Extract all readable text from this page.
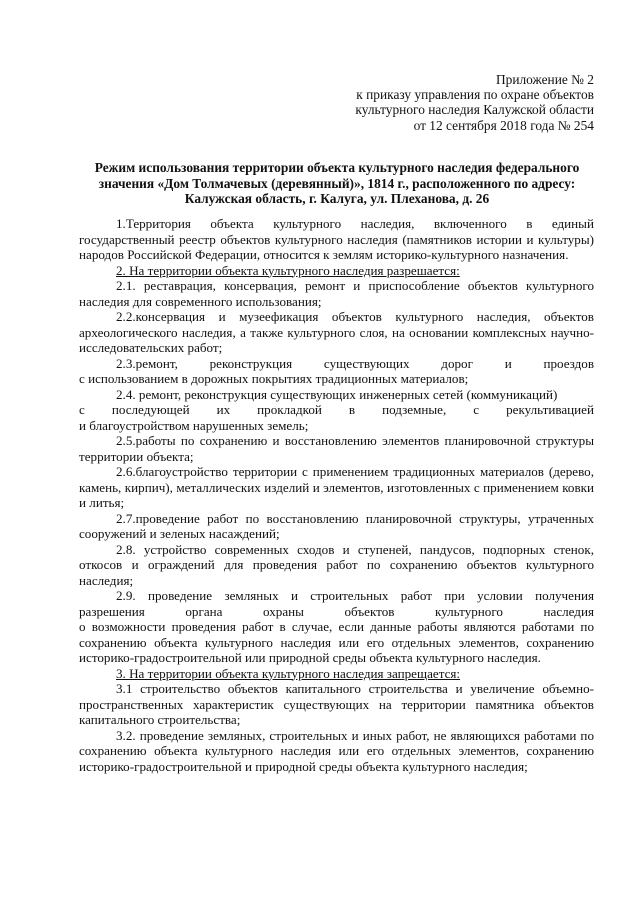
Приложение № 2
к приказу управления по охране объектов
культурного наследия Калужской области
от 12 сентября 2018 года № 254
Режим использования территории объекта культурного наследия федерального
значения «Дом Толмачевых (деревянный)», 1814 г., расположенного по адресу:
Калужская область, г. Калуга, ул. Плеханова, д. 26

1.Территория объекта культурного наследия, включенного в единый государственный реестр объектов культурного наследия (памятников истории и культуры) народов Российской Федерации, относится к землям историко-культурного назначения.

2. На территории объекта культурного наследия разрешается:

2.1. реставрация, консервация, ремонт и приспособление объектов культурного наследия для современного использования;

2.2.консервация и музеефикация объектов культурного наследия, объектов археологического наследия, а также культурного слоя, на основании комплексных научно-исследовательских работ;

2.3.ремонт, реконструкция существующих дорог и проездов

с использованием в дорожных покрытиях традиционных материалов;

2.4. ремонт, реконструкция существующих инженерных сетей (коммуникаций)

с последующей их прокладкой в подземные, с рекультивацией

и благоустройством нарушенных земель;

2.5.работы по сохранению и восстановлению элементов планировочной структуры территории объекта;

2.6.благоустройство территории с применением традиционных материалов (дерево, камень, кирпич), металлических изделий и элементов, изготовленных с применением ковки и литья;

2.7.проведение работ по восстановлению планировочной структуры, утраченных сооружений и зеленых насаждений;

2.8. устройство современных сходов и ступеней, пандусов, подпорных стенок, откосов и ограждений для проведения работ по сохранению объектов культурного наследия;

2.9. проведение земляных и строительных работ при условии получения

разрешения органа охраны объектов культурного наследия

о возможности проведения работ в случае, если данные работы являются работами по сохранению объекта культурного наследия или его отдельных элементов, сохранению историко-градостроительной или природной среды объекта культурного наследия.

3. На территории объекта культурного наследия запрещается:

3.1 строительство объектов капитального строительства и увеличение объемно-пространственных характеристик существующих на территории памятника объектов капитального строительства;

3.2. проведение земляных, строительных и иных работ, не являющихся работами по сохранению объекта культурного наследия или его отдельных элементов, сохранению историко-градостроительной и природной среды объекта культурного наследия;
